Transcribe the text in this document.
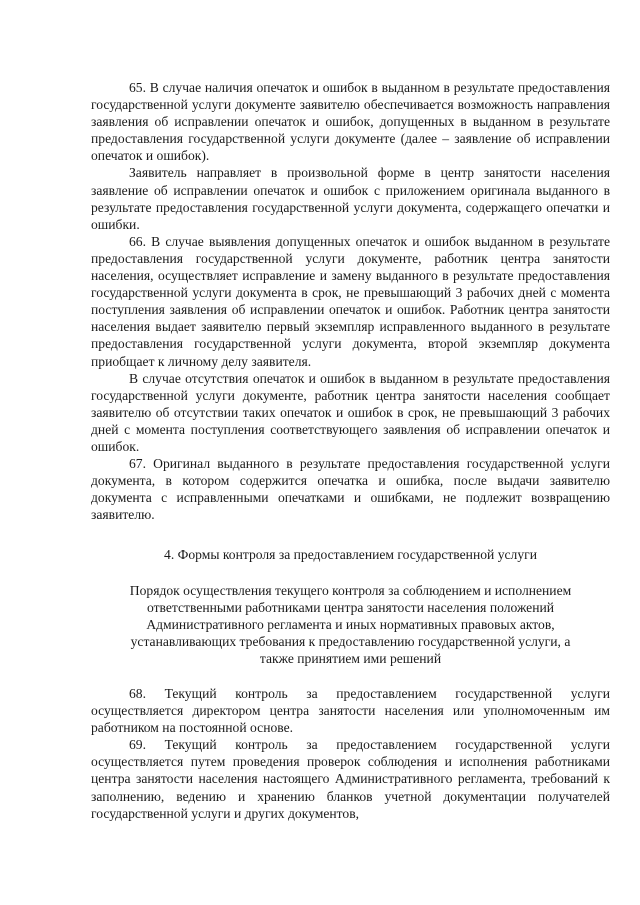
65. В случае наличия опечаток и ошибок в выданном в результате предоставления государственной услуги документе заявителю обеспечивается возможность направления заявления об исправлении опечаток и ошибок, допущенных в выданном в результате предоставления государственной услуги документе (далее – заявление об исправлении опечаток и ошибок).

Заявитель направляет в произвольной форме в центр занятости населения заявление об исправлении опечаток и ошибок с приложением оригинала выданного в результате предоставления государственной услуги документа, содержащего опечатки и ошибки.

66. В случае выявления допущенных опечаток и ошибок выданном в результате предоставления государственной услуги документе, работник центра занятости населения, осуществляет исправление и замену выданного в результате предоставления государственной услуги документа в срок, не превышающий 3 рабочих дней с момента поступления заявления об исправлении опечаток и ошибок. Работник центра занятости населения выдает заявителю первый экземпляр исправленного выданного в результате предоставления государственной услуги документа, второй экземпляр документа приобщает к личному делу заявителя.

В случае отсутствия опечаток и ошибок в выданном в результате предоставления государственной услуги документе, работник центра занятости населения сообщает заявителю об отсутствии таких опечаток и ошибок в срок, не превышающий 3 рабочих дней с момента поступления соответствующего заявления об исправлении опечаток и ошибок.

67. Оригинал выданного в результате предоставления государственной услуги документа, в котором содержится опечатка и ошибка, после выдачи заявителю документа с исправленными опечатками и ошибками, не подлежит возвращению заявителю.

4. Формы контроля за предоставлением государственной услуги
Порядок осуществления текущего контроля за соблюдением и исполнением
ответственными работниками центра занятости населения положений
Административного регламента и иных нормативных правовых актов,
устанавливающих требования к предоставлению государственной услуги, а
также принятием ими решений

68. Текущий контроль за предоставлением государственной услуги осуществляется директором центра занятости населения или уполномоченным им работником на постоянной основе.

69. Текущий контроль за предоставлением государственной услуги осуществляется путем проведения проверок соблюдения и исполнения работниками центра занятости населения настоящего Административного регламента, требований к заполнению, ведению и хранению бланков учетной документации получателей государственной услуги и других документов,
